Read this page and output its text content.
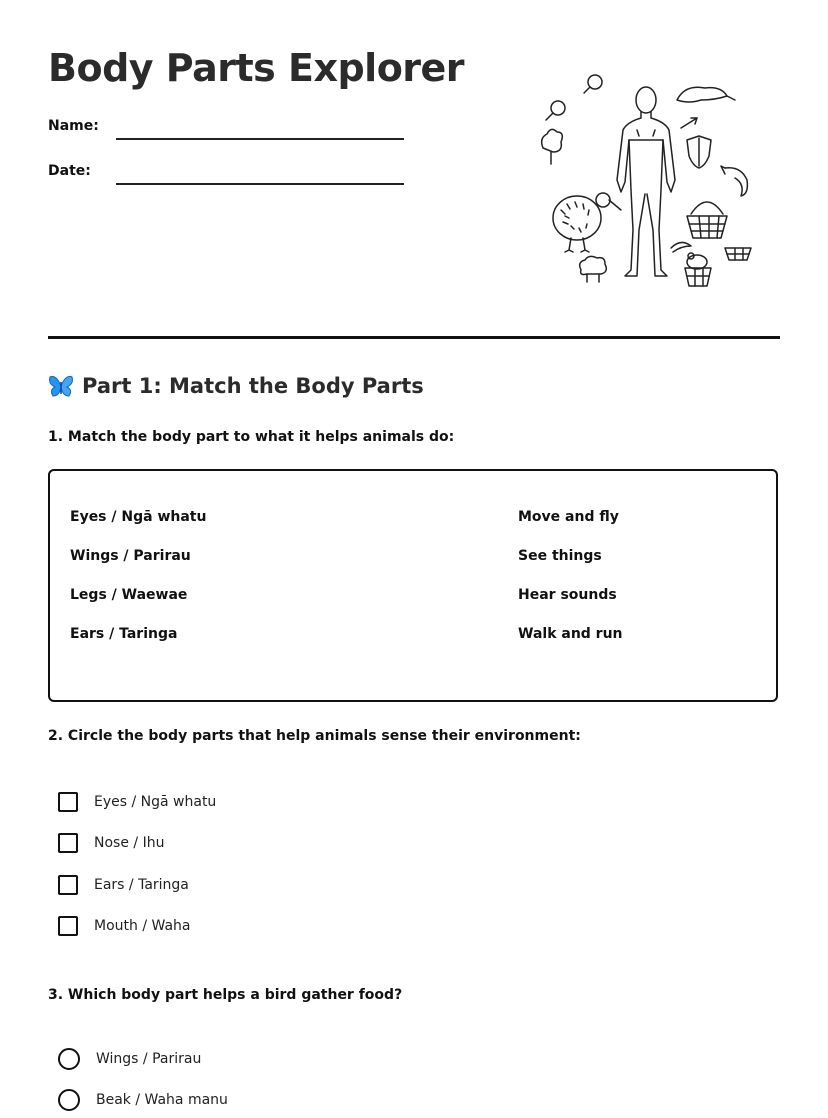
Body Parts Explorer
Name:
Date:
Part 1: Match the Body Parts

1. Match the body part to what it helps animals do:

Eyes / Ngā whatu
Wings / Parirau
Legs / Waewae
Ears / Taringa
Move and fly
See things
Hear sounds
Walk and run

2. Circle the body parts that help animals sense their environment:

Eyes / Ngā whatu
Nose / Ihu
Ears / Taringa
Mouth / Waha

3. Which body part helps a bird gather food?

Wings / Parirau
Beak / Waha manu
